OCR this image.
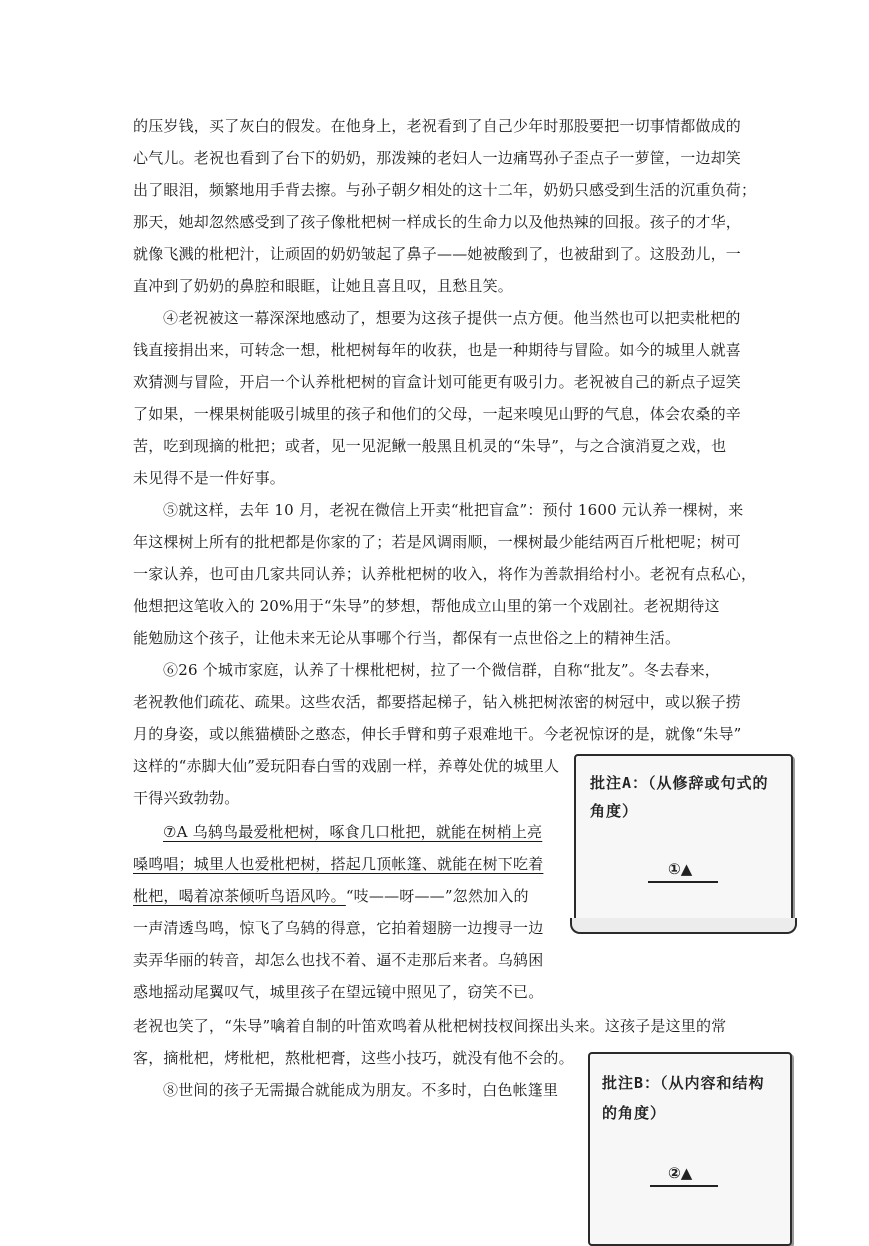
的压岁钱，买了灰白的假发。在他身上，老祝看到了自己少年时那股要把一切事情都做成的
心气儿。老祝也看到了台下的奶奶，那泼辣的老妇人一边痛骂孙子歪点子一萝筐，一边却笑
出了眼泪，频繁地用手背去擦。与孙子朝夕相处的这十二年，奶奶只感受到生活的沉重负荷；
那天，她却忽然感受到了孩子像枇杷树一样成长的生命力以及他热辣的回报。孩子的才华，
就像飞溅的枇杷汁，让顽固的奶奶皱起了鼻子——她被酸到了，也被甜到了。这股劲儿，一
直冲到了奶奶的鼻腔和眼眶，让她且喜且叹，且愁且笑。
④老祝被这一幕深深地感动了，想要为这孩子提供一点方便。他当然也可以把卖枇杷的
钱直接捐出来，可转念一想，枇杷树每年的收获，也是一种期待与冒险。如今的城里人就喜
欢猜测与冒险，开启一个认养枇杷树的盲盒计划可能更有吸引力。老祝被自己的新点子逗笑
了如果，一棵果树能吸引城里的孩子和他们的父母，一起来嗅见山野的气息，体会农桑的辛
苦，吃到现摘的枇把；或者，见一见泥鳅一般黑且机灵的“朱导”，与之合演消夏之戏，也
未见得不是一件好事。
⑤就这样，去年 10 月，老祝在微信上开卖“枇把盲盒”：预付 1600 元认养一棵树，来
年这棵树上所有的批杷都是你家的了；若是风调雨顺，一棵树最少能结两百斤枇杷呢；树可
一家认养，也可由几家共同认养；认养枇杷树的收入，将作为善款捐给村小。老祝有点私心，
他想把这笔收入的 20%用于“朱导”的梦想，帮他成立山里的第一个戏剧社。老祝期待这
能勉励这个孩子，让他未来无论从事哪个行当，都保有一点世俗之上的精神生活。
⑥26 个城市家庭，认养了十棵枇杷树，拉了一个微信群，自称“批友”。冬去春来，
老祝教他们疏花、疏果。这些农活，都要搭起梯子，钻入桃把树浓密的树冠中，或以猴子捞
月的身姿，或以熊猫横卧之憨态，伸长手臂和剪子艰难地干。今老祝惊讶的是，就像“朱导”
这样的“赤脚大仙”爱玩阳春白雪的戏剧一样，养尊处优的城里人
干得兴致勃勃。
⑦A 乌鸫鸟最爱枇杷树，啄食几口枇把，就能在树梢上亮
嗓鸣唱；城里人也爱枇杷树，搭起几顶帐篷、就能在树下吃着
枇杷，喝着凉茶倾听鸟语风吟。“吱——呀——”忽然加入的
一声清透鸟鸣，惊飞了乌鸫的得意，它拍着翅膀一边搜寻一边
卖弄华丽的转音，却怎么也找不着、逼不走那后来者。乌鸫困
惑地摇动尾翼叹气，城里孩子在望远镜中照见了，窃笑不已。
老祝也笑了，“朱导”噙着自制的叶笛欢鸣着从枇杷树技杈间探出头来。这孩子是这里的常
客，摘枇杷，烤枇杷，熬枇杷膏，这些小技巧，就没有他不会的。
⑧世间的孩子无需撮合就能成为朋友。不多时，白色帐篷里
批注A：（从修辞或句式的
角度）
①▲
批注B：（从内容和结构
的角度）
②▲
